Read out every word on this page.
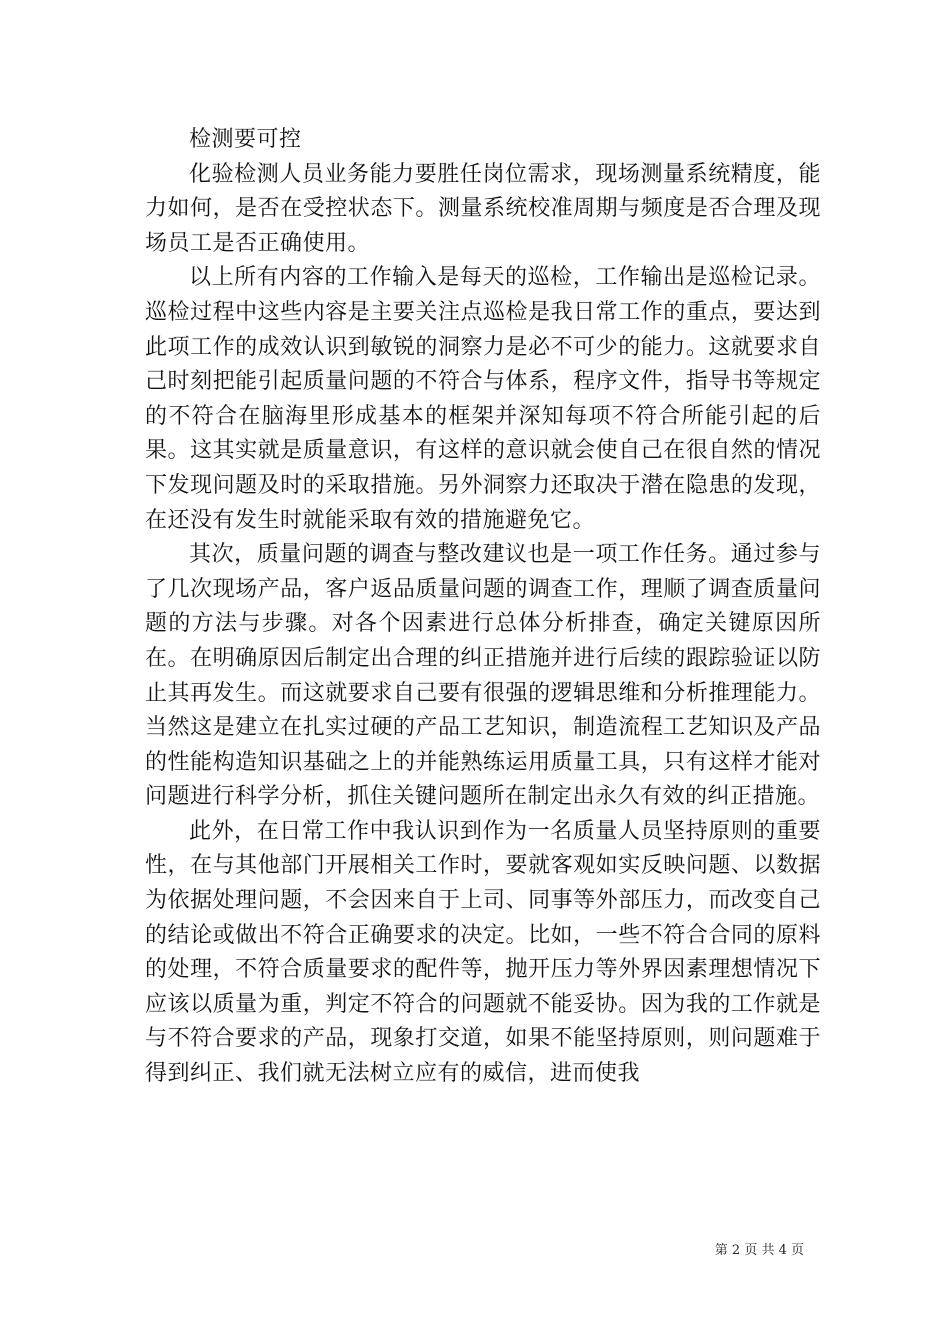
检测要可控

化验检测人员业务能力要胜任岗位需求，现场测量系统精度，能力如何，是否在受控状态下。测量系统校准周期与频度是否合理及现场员工是否正确使用。

以上所有内容的工作输入是每天的巡检，工作输出是巡检记录。巡检过程中这些内容是主要关注点巡检是我日常工作的重点，要达到此项工作的成效认识到敏锐的洞察力是必不可少的能力。这就要求自己时刻把能引起质量问题的不符合与体系，程序文件，指导书等规定的不符合在脑海里形成基本的框架并深知每项不符合所能引起的后果。这其实就是质量意识，有这样的意识就会使自己在很自然的情况下发现问题及时的采取措施。另外洞察力还取决于潜在隐患的发现，在还没有发生时就能采取有效的措施避免它。

其次，质量问题的调查与整改建议也是一项工作任务。通过参与了几次现场产品，客户返品质量问题的调查工作，理顺了调查质量问题的方法与步骤。对各个因素进行总体分析排查，确定关键原因所在。在明确原因后制定出合理的纠正措施并进行后续的跟踪验证以防止其再发生。而这就要求自己要有很强的逻辑思维和分析推理能力。当然这是建立在扎实过硬的产品工艺知识，制造流程工艺知识及产品的性能构造知识基础之上的并能熟练运用质量工具，只有这样才能对问题进行科学分析，抓住关键问题所在制定出永久有效的纠正措施。

此外，在日常工作中我认识到作为一名质量人员坚持原则的重要性，在与其他部门开展相关工作时，要就客观如实反映问题、以数据为依据处理问题，不会因来自于上司、同事等外部压力，而改变自己的结论或做出不符合正确要求的决定。比如，一些不符合合同的原料的处理，不符合质量要求的配件等，抛开压力等外界因素理想情况下应该以质量为重，判定不符合的问题就不能妥协。因为我的工作就是与不符合要求的产品，现象打交道，如果不能坚持原则，则问题难于得到纠正、我们就无法树立应有的威信，进而使我

第 2 页 共 4 页
